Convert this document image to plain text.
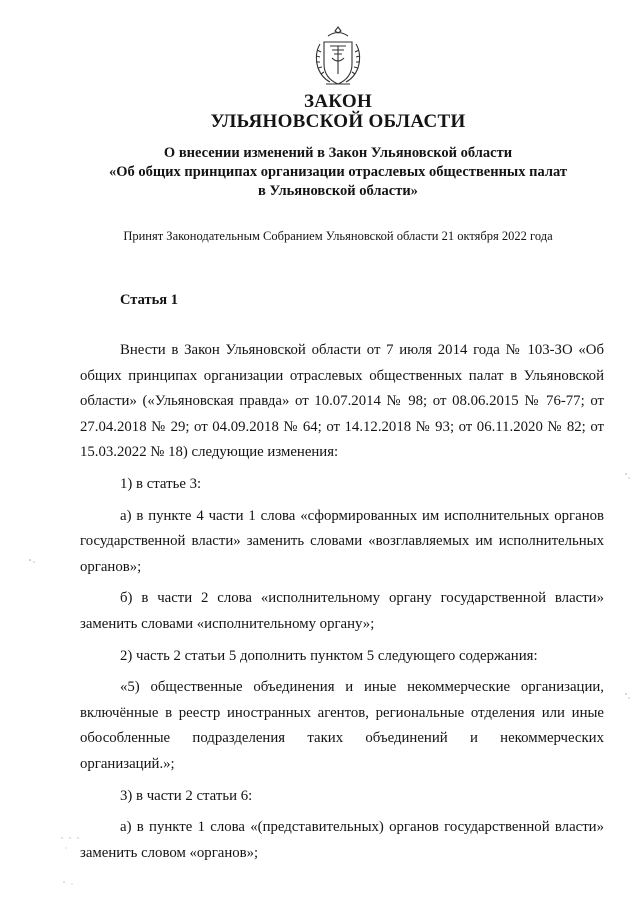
ЗАКОН
УЛЬЯНОВСКОЙ ОБЛАСТИ
О внесении изменений в Закон Ульяновской области
«Об общих принципах организации отраслевых общественных палат
в Ульяновской области»
Принят Законодательным Собранием Ульяновской области 21 октября 2022 года
Статья 1

Внести в Закон Ульяновской области от 7 июля 2014 года № 103-ЗО «Об общих принципах организации отраслевых общественных палат в Ульяновской области» («Ульяновская правда» от 10.07.2014 № 98; от 08.06.2015 № 76-77; от 27.04.2018 № 29; от 04.09.2018 № 64; от 14.12.2018 № 93; от 06.11.2020 № 82; от 15.03.2022 № 18) следующие изменения:

1) в статье 3:

а) в пункте 4 части 1 слова «сформированных им исполнительных органов государственной власти» заменить словами «возглавляемых им исполнительных органов»;

б) в части 2 слова «исполнительному органу государственной власти» заменить словами «исполнительному органу»;

2) часть 2 статьи 5 дополнить пунктом 5 следующего содержания:

«5) общественные объединения и иные некоммерческие организации, включённые в реестр иностранных агентов, региональные отделения или иные обособленные подразделения таких объединений и некоммерческих организаций.»;

3) в части 2 статьи 6:

а) в пункте 1 слова «(представительных) органов государственной власти» заменить словом «органов»;
